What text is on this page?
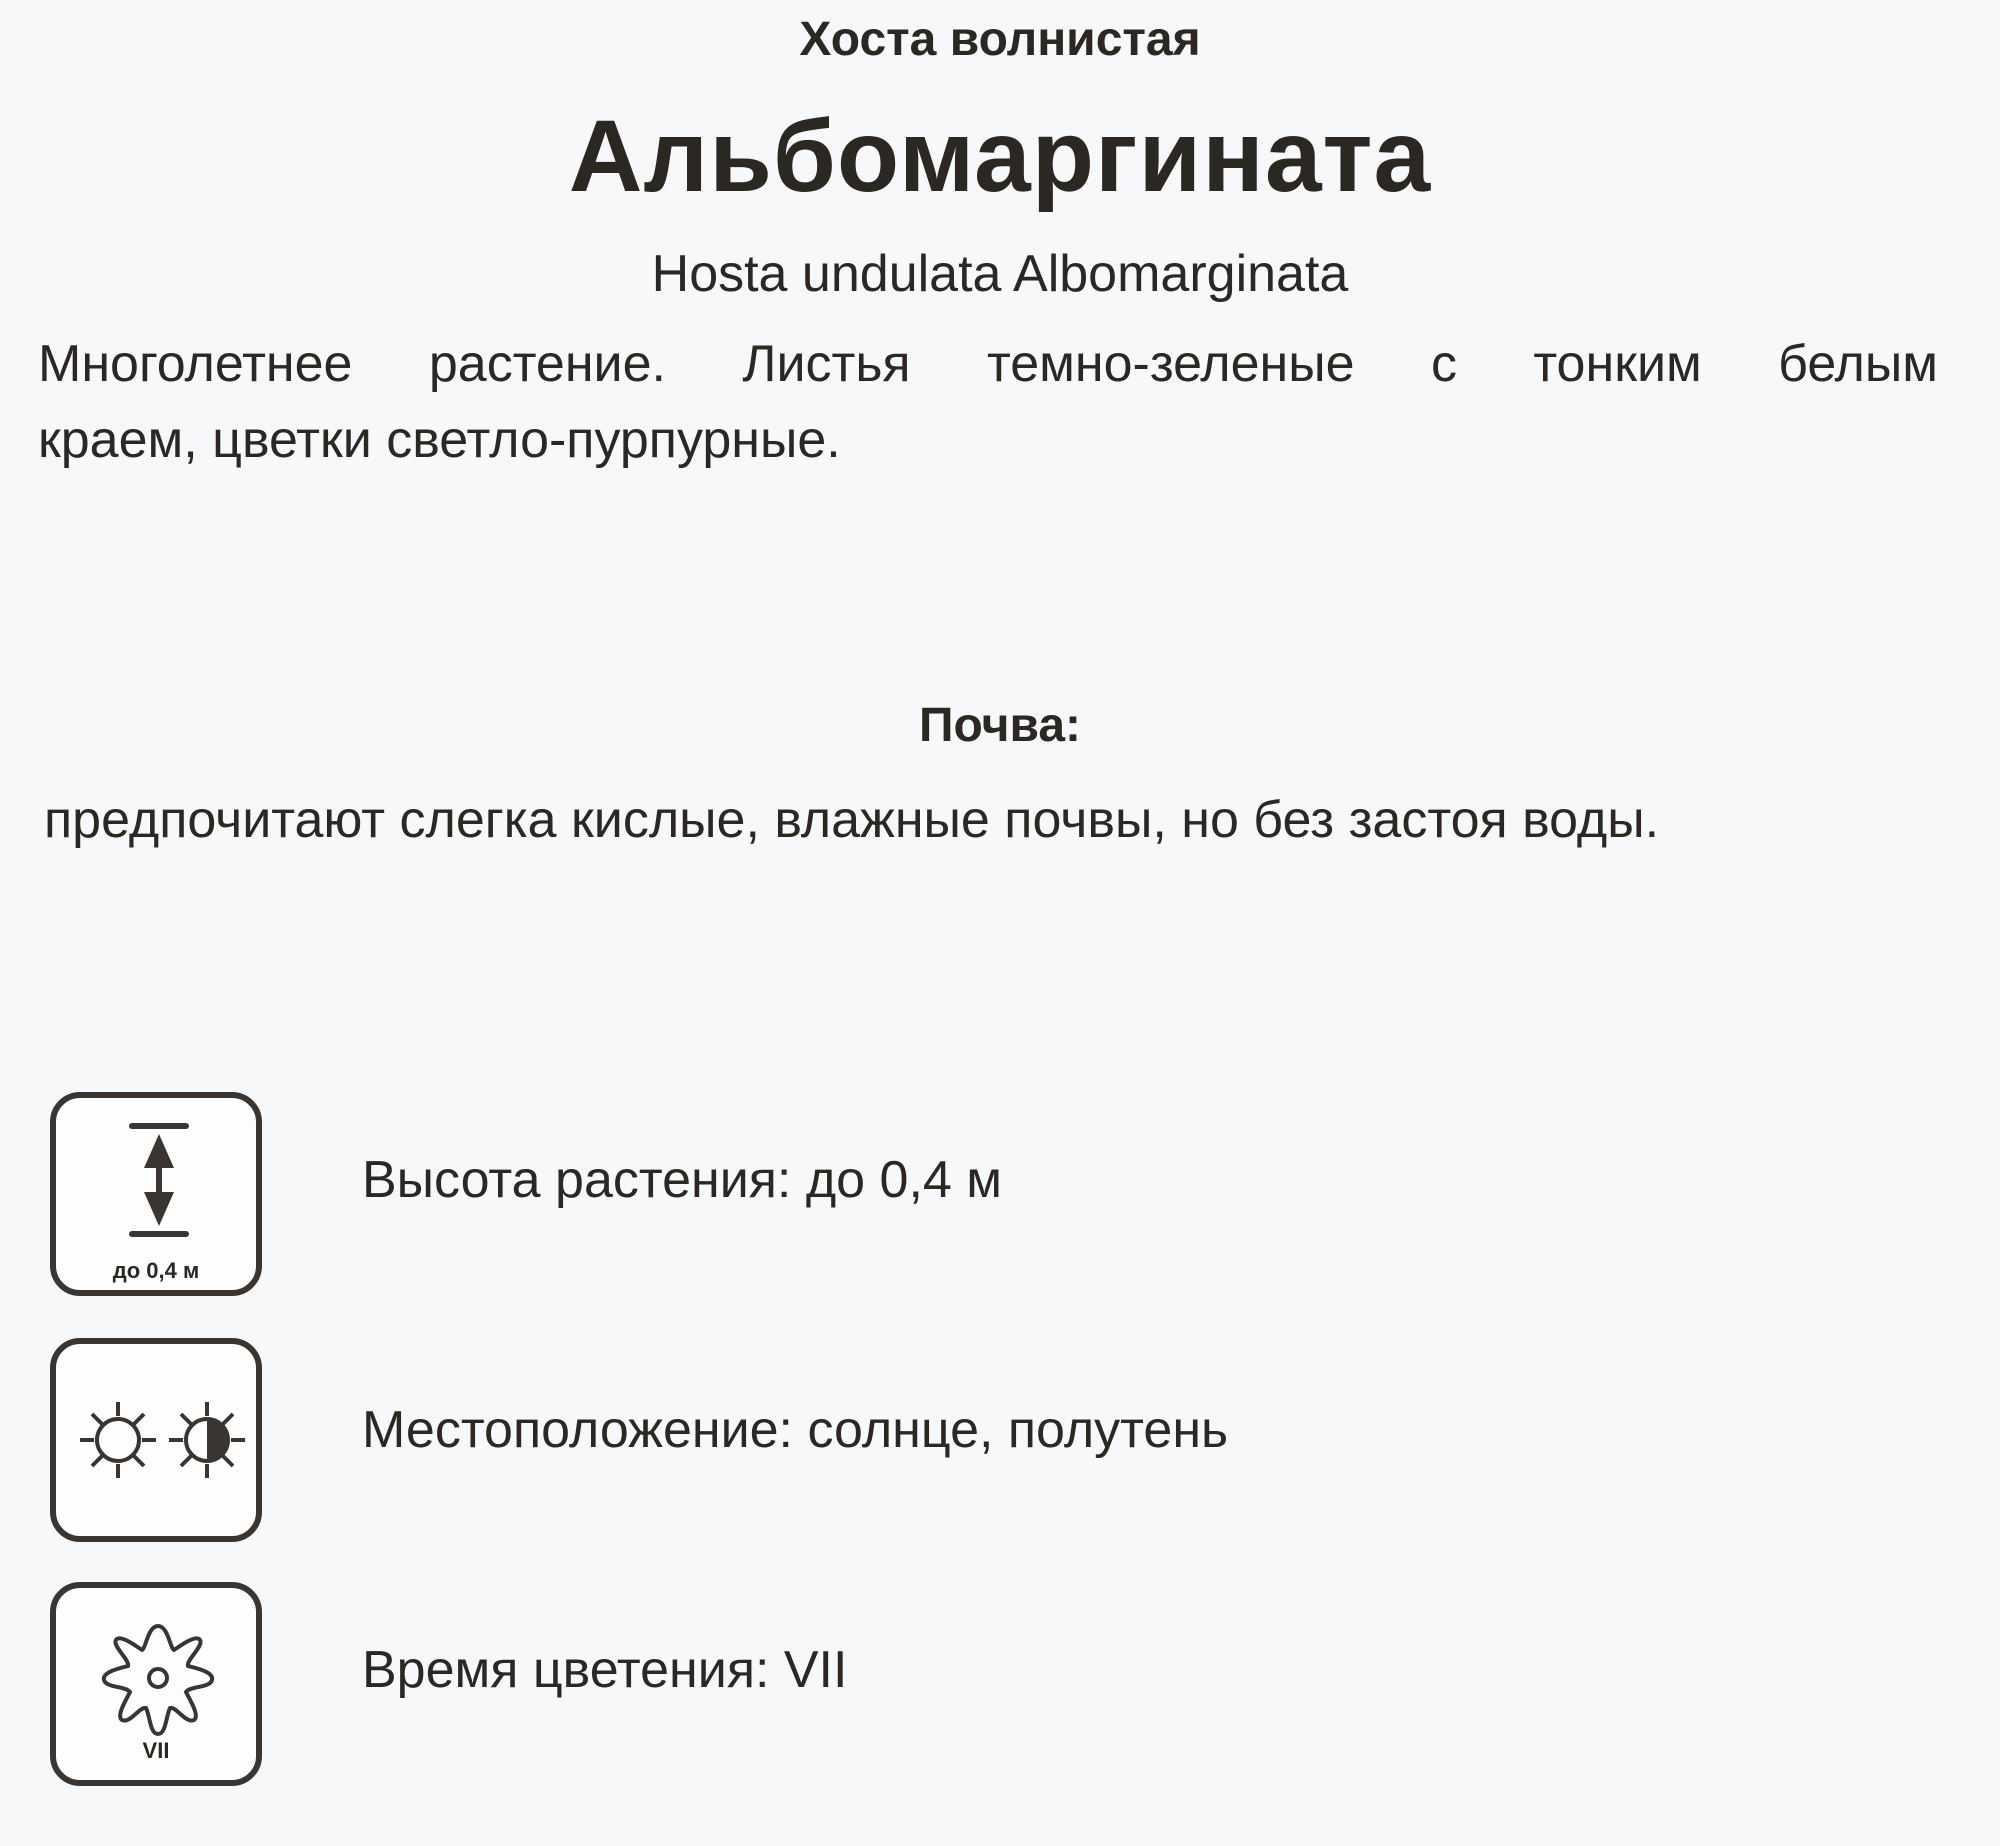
Хоста волнистая
Альбомаргината
Hosta undulata Albomarginata
Многолетнее растение. Листья темно-зеленые с тонким белым
краем, цветки светло-пурпурные.
Почва:
предпочитают слегка кислые, влажные почвы, но без застоя воды.
до 0,4 м
Высота растения: до 0,4 м
Местоположение: солнце, полутень
VII
Время цветения: VII
